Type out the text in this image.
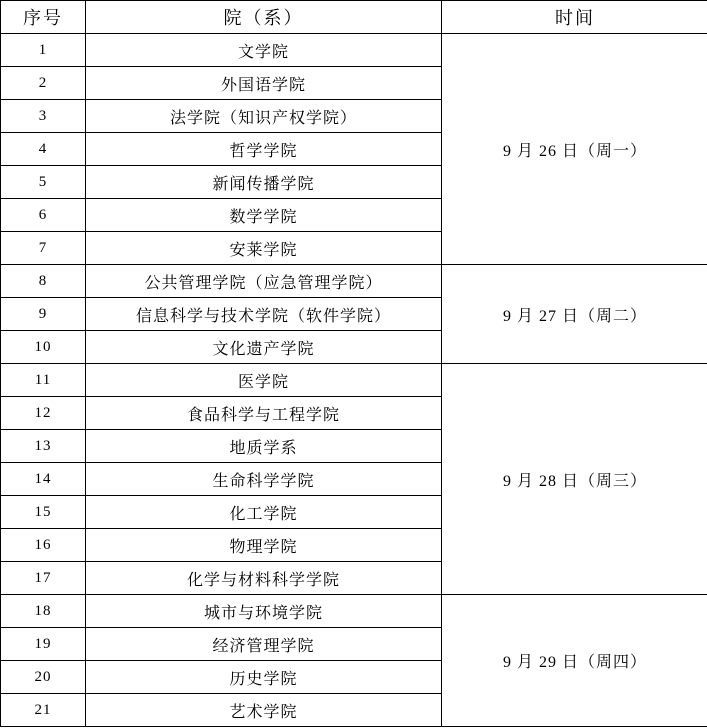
序号	院（系）	时间
1	文学院	9 月 26 日（周一）
2	外国语学院	
3	法学院（知识产权学院）	
4	哲学学院	
5	新闻传播学院	
6	数学学院	
7	安莱学院	
8	公共管理学院（应急管理学院）	9 月 27 日（周二）
9	信息科学与技术学院（软件学院）	
10	文化遗产学院	
11	医学院	9 月 28 日（周三）
12	食品科学与工程学院	
13	地质学系	
14	生命科学学院	
15	化工学院	
16	物理学院	
17	化学与材料科学学院	
18	城市与环境学院	9 月 29 日（周四）
19	经济管理学院	
20	历史学院	
21	艺术学院	
